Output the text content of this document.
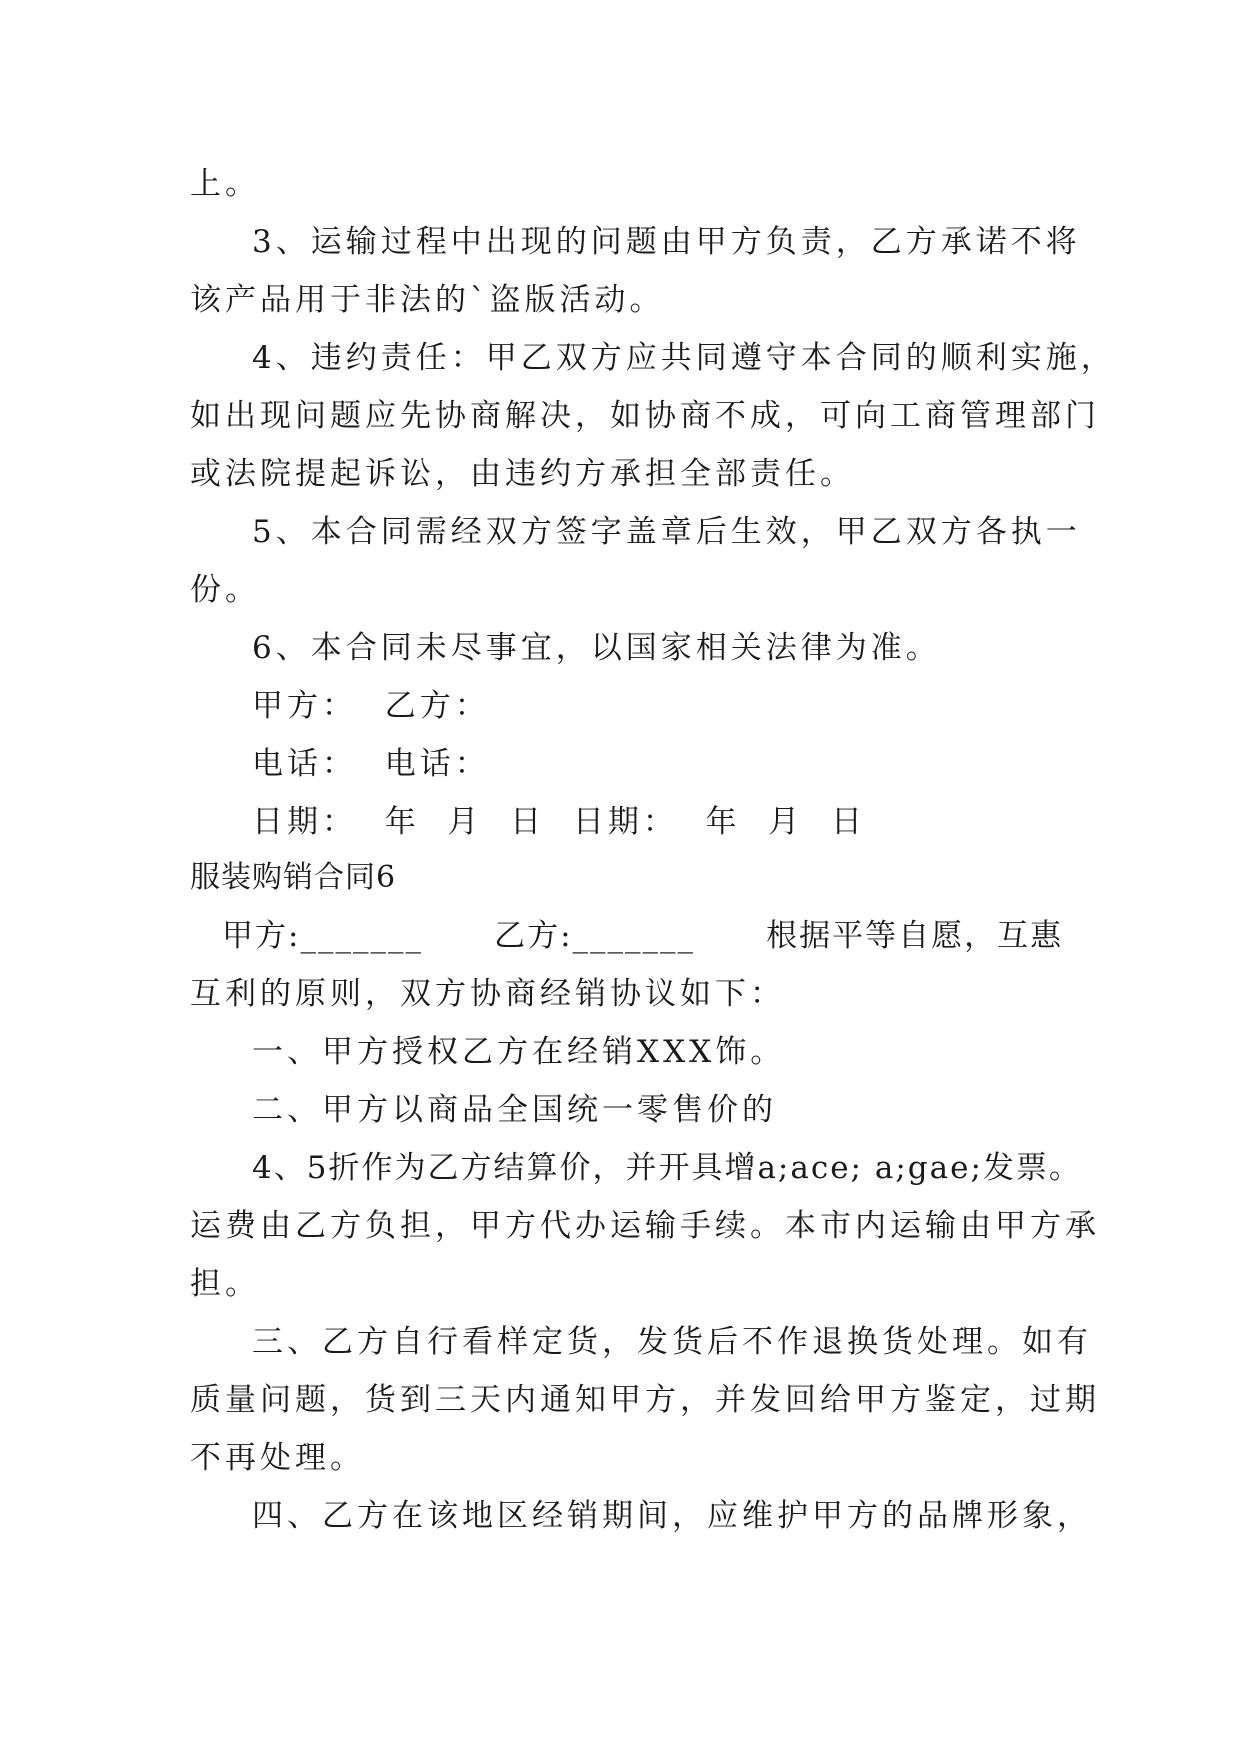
上。
3、运输过程中出现的问题由甲方负责，乙方承诺不将
该产品用于非法的`盗版活动。
4、违约责任：甲乙双方应共同遵守本合同的顺利实施，
如出现问题应先协商解决，如协商不成，可向工商管理部门
或法院提起诉讼，由违约方承担全部责任。
5、本合同需经双方签字盖章后生效，甲乙双方各执一
份。
6、本合同未尽事宜，以国家相关法律为准。
甲方：  乙方：
电话：  电话：
日期：  年  月  日  日期：  年  月  日
服装购销合同6
甲方:_______      乙方:_______      根据平等自愿，互惠
互利的原则，双方协商经销协议如下：
一、甲方授权乙方在经销XXX饰。
二、甲方以商品全国统一零售价的
4、5折作为乙方结算价，并开具增a;ace; a;gae;发票。
运费由乙方负担，甲方代办运输手续。本市内运输由甲方承
担。
三、乙方自行看样定货，发货后不作退换货处理。如有
质量问题，货到三天内通知甲方，并发回给甲方鉴定，过期
不再处理。
四、乙方在该地区经销期间，应维护甲方的品牌形象，
